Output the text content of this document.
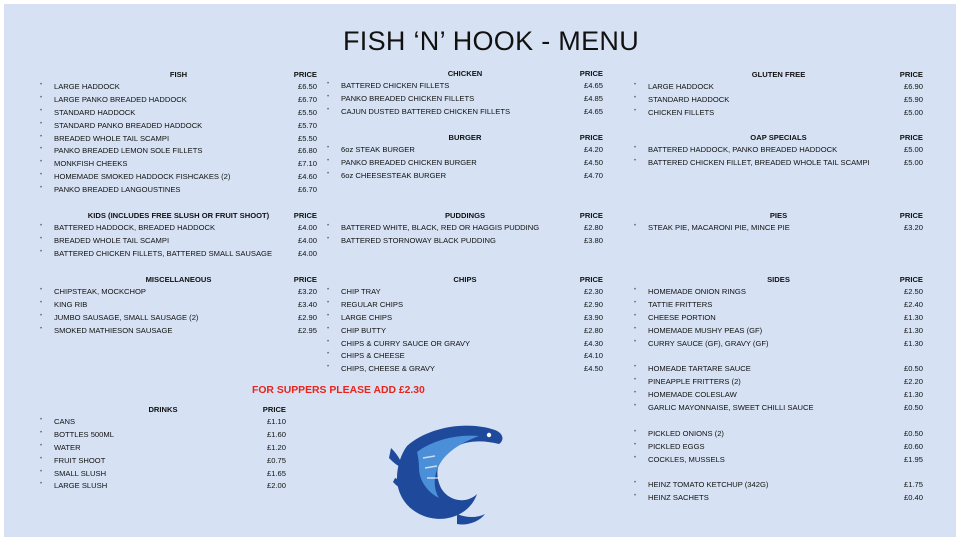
FISH ‘N’ HOOK - MENU
FISH	PRICE
• LARGE HADDOCK	£6.50
• LARGE PANKO BREADED HADDOCK	£6.70
• STANDARD HADDOCK	£5.50
• STANDARD PANKO BREADED HADDOCK	£5.70
• BREADED WHOLE TAIL SCAMPI	£5.50
• PANKO BREADED LEMON SOLE FILLETS	£6.80
• MONKFISH CHEEKS	£7.10
• HOMEMADE SMOKED HADDOCK FISHCAKES (2)	£4.60
• PANKO BREADED LANGOUSTINES	£6.70
KIDS (INCLUDES FREE SLUSH OR FRUIT SHOOT)	PRICE
• BATTERED HADDOCK, BREADED HADDOCK	£4.00
• BREADED WHOLE TAIL SCAMPI	£4.00
• BATTERED CHICKEN FILLETS, BATTERED SMALL SAUSAGE	£4.00
MISCELLANEOUS	PRICE
• CHIPSTEAK, MOCKCHOP	£3.20
• KING RIB	£3.40
• JUMBO SAUSAGE, SMALL SAUSAGE (2)	£2.90
• SMOKED MATHIESON SAUSAGE	£2.95
DRINKS	PRICE
• CANS	£1.10
• BOTTLES 500ML	£1.60
• WATER	£1.20
• FRUIT SHOOT	£0.75
• SMALL SLUSH	£1.65
• LARGE SLUSH	£2.00
CHICKEN	PRICE
• BATTERED CHICKEN FILLETS	£4.65
• PANKO BREADED CHICKEN FILLETS	£4.85
• CAJUN DUSTED BATTERED CHICKEN FILLETS	£4.65
BURGER	PRICE
• 6oz STEAK BURGER	£4.20
• PANKO BREADED CHICKEN BURGER	£4.50
• 6oz CHEESESTEAK BURGER	£4.70
PUDDINGS	PRICE
• BATTERED WHITE, BLACK, RED OR HAGGIS PUDDING	£2.80
• BATTERED STORNOWAY BLACK PUDDING	£3.80
CHIPS	PRICE
• CHIP TRAY	£2.30
• REGULAR CHIPS	£2.90
• LARGE CHIPS	£3.90
• CHIP BUTTY	£2.80
• CHIPS & CURRY SAUCE OR GRAVY	£4.30
• CHIPS & CHEESE	£4.10
• CHIPS, CHEESE & GRAVY	£4.50
GLUTEN FREE	PRICE
• LARGE HADDOCK	£6.90
• STANDARD HADDOCK	£5.90
• CHICKEN FILLETS	£5.00
OAP SPECIALS	PRICE
• BATTERED HADDOCK, PANKO BREADED HADDOCK	£5.00
• BATTERED CHICKEN FILLET, BREADED WHOLE TAIL SCAMPI	£5.00
PIES	PRICE
• STEAK PIE, MACARONI PIE, MINCE PIE	£3.20
SIDES	PRICE
• HOMEMADE ONION RINGS	£2.50
• TATTIE FRITTERS	£2.40
• CHEESE PORTION	£1.30
• HOMEMADE MUSHY PEAS (GF)	£1.30
• CURRY SAUCE (GF), GRAVY (GF)	£1.30
• HOMEADE TARTARE SAUCE	£0.50
• PINEAPPLE FRITTERS (2)	£2.20
• HOMEMADE COLESLAW	£1.30
• GARLIC MAYONNAISE, SWEET CHILLI SAUCE	£0.50
• PICKLED ONIONS (2)	£0.50
• PICKLED EGGS	£0.60
• COCKLES, MUSSELS	£1.95
• HEINZ TOMATO KETCHUP (342G)	£1.75
• HEINZ SACHETS	£0.40
FOR SUPPERS PLEASE ADD £2.30
